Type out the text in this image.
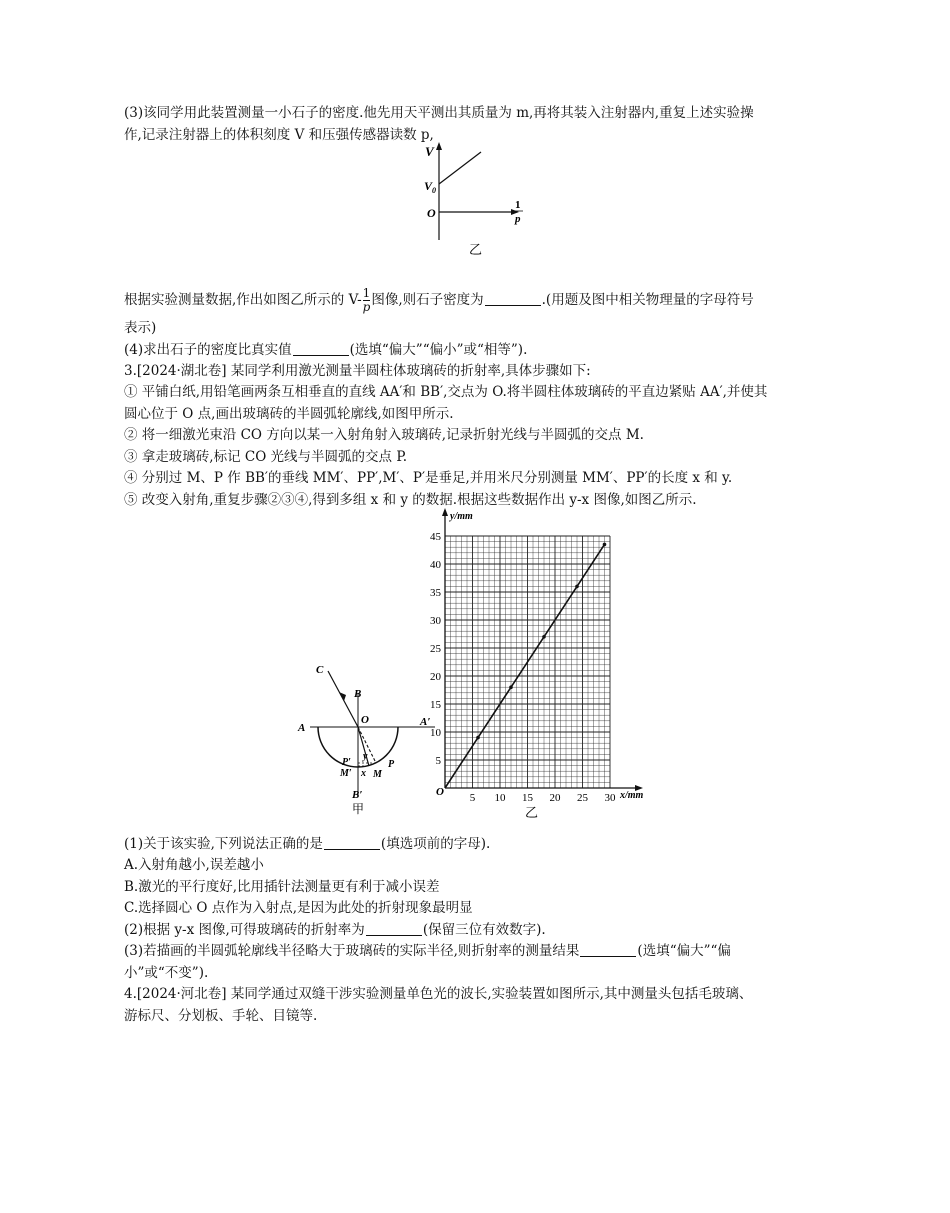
(3)该同学用此装置测量一小石子的密度.他先用天平测出其质量为 m,再将其装入注射器内,重复上述实验操
作,记录注射器上的体积刻度 V 和压强传感器读数 p,
V
$V_0$
O
1
p
乙
根据实验测量数据,作出如图乙所示的 $V- \frac{1}{p}$ 图像,则石子密度为	.(用题及图中相关物理量的字母符号
表示)
(4)求出石子的密度比真实值	(选填“偏大”“偏小”或“相等”).
3.[2024·湖北卷] 某同学利用激光测量半圆柱体玻璃砖的折射率,具体步骤如下:
① 平铺白纸,用铅笔画两条互相垂直的直线 AA′和 BB′,交点为 O.将半圆柱体玻璃砖的平直边紧贴 AA′,并使其
圆心位于 O 点,画出玻璃砖的半圆弧轮廓线,如图甲所示.
② 将一细激光束沿 CO 方向以某一入射角射入玻璃砖,记录折射光线与半圆弧的交点 M.
③ 拿走玻璃砖,标记 CO 光线与半圆弧的交点 P.
④ 分别过 M、P 作 BB′的垂线 MM′、PP′,M′、P′是垂足,并用米尺分别测量 MM′、PP′的长度 x 和 y.
⑤ 改变入射角,重复步骤②③④,得到多组 x 和 y 的数据.根据这些数据作出 y-x 图像,如图乙所示.
C
B
O
A	A′
P′
M′ x
y
M
P
B′
甲
5 10 15 20 25 30
5
10
15
20
25
30
35
40
45
y/mm
x/mm
O
乙
(1)关于该实验,下列说法正确的是	(填选项前的字母).
A.入射角越小,误差越小
B.激光的平行度好,比用插针法测量更有利于减小误差
C.选择圆心 O 点作为入射点,是因为此处的折射现象最明显
(2)根据 y-x 图像,可得玻璃砖的折射率为	(保留三位有效数字).
(3)若描画的半圆弧轮廓线半径略大于玻璃砖的实际半径,则折射率的测量结果	(选填“偏大”“偏
小”或“不变”).
4.[2024·河北卷] 某同学通过双缝干涉实验测量单色光的波长,实验装置如图所示,其中测量头包括毛玻璃、
游标尺、分划板、手轮、目镜等.
